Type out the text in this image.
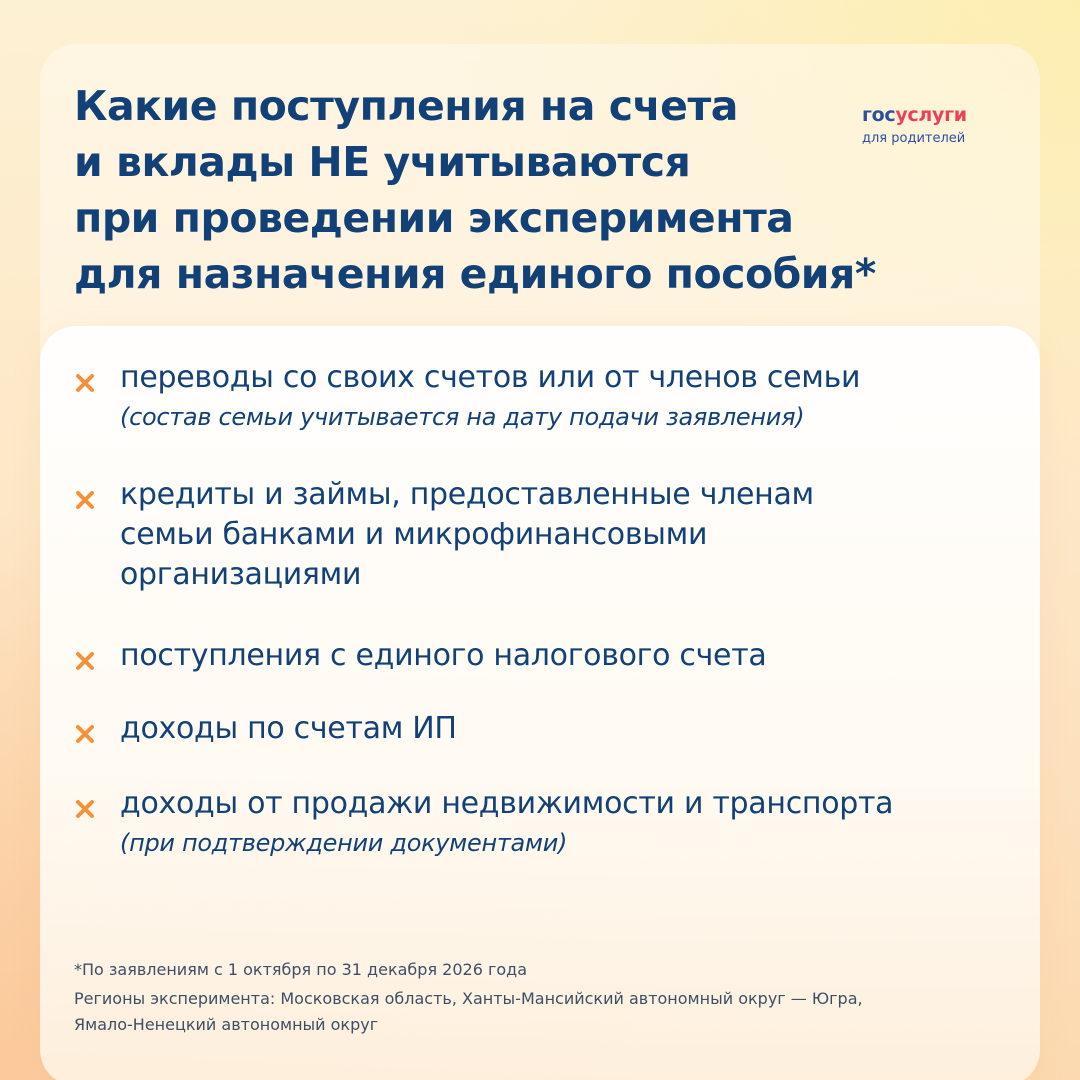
Какие поступления на счета
и вклады НЕ учитываются
при проведении эксперимента
для назначения единого пособия*
госуслуги
для родителей
переводы со своих счетов или от членов семьи
(состав семьи учитывается на дату подачи заявления)
кредиты и займы, предоставленные членам
семьи банками и микрофинансовыми
организациями
поступления с единого налогового счета
доходы по счетам ИП
доходы от продажи недвижимости и транспорта
(при подтверждении документами)
*По заявлениям с 1 октября по 31 декабря 2026 года
Регионы эксперимента: Московская область, Ханты-Мансийский автономный округ — Югра,
Ямало-Ненецкий автономный округ
